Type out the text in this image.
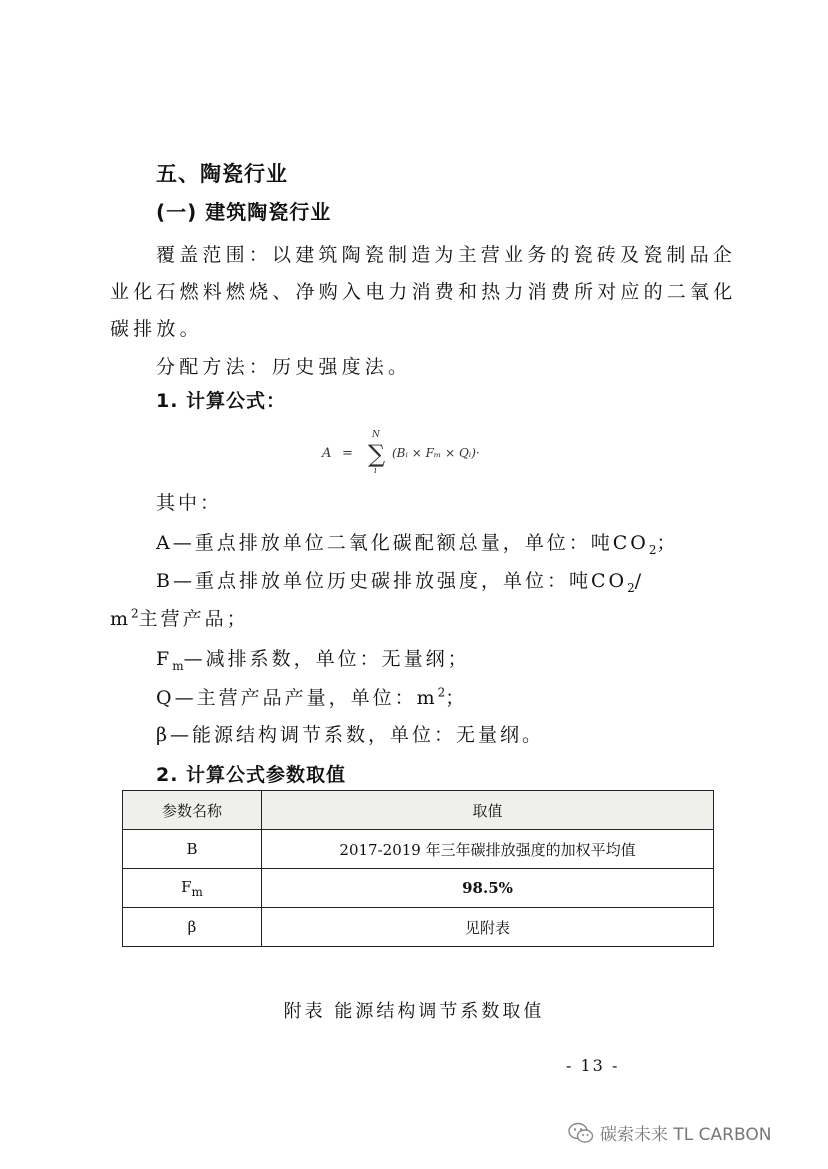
五、陶瓷行业
(一) 建筑陶瓷行业
覆盖范围：以建筑陶瓷制造为主营业务的瓷砖及瓷制品企
业化石燃料燃烧、净购入电力消费和热力消费所对应的二氧化
碳排放。
分配方法：历史强度法。
1. 计算公式：
A =
N
∑
i
(Bᵢ × Fₘ × Qᵢ)·
其中：
A—重点排放单位二氧化碳配额总量，单位：吨$CO_2$；
B—重点排放单位历史碳排放强度，单位：吨$CO_2/$
$m^2$主营产品；
$F_m—$减排系数，单位：无量纲；
Q—主营产品产量，单位：$m^2$；
β—能源结构调节系数，单位：无量纲。
2. 计算公式参数取值
参数名称	取值
B	2017-2019 年三年碳排放强度的加权平均值
$F_m$	98.5%
β	见附表
附表 能源结构调节系数取值
- 13 -
碳索未来 TL CARBON
